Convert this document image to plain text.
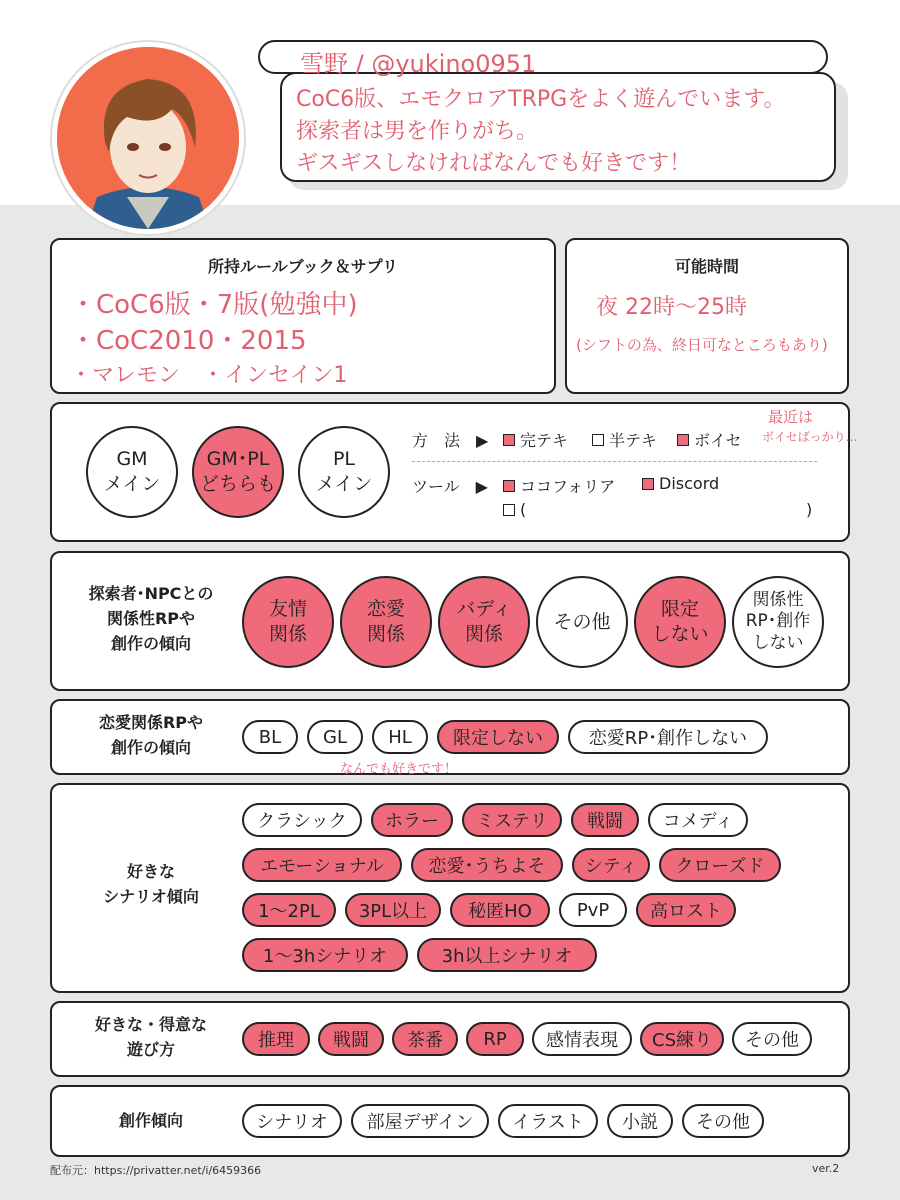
雪野 / @yukino0951
CoC6版、エモクロアTRPGをよく遊んでいます。
探索者は男を作りがち。
ギスギスしなければなんでも好きです！
所持ルールブック＆サプリ
・CoC6版・7版(勉強中)
・CoC2010・2015
・マレモン　・インセイン1
可能時間
夜 22時〜25時
(シフトの為、終日可なところもあり)
GM
メイン
GM･PL
どちらも
PL
メイン
方　法　▶ 完テキ	半テキ ボイセ
ツール　▶ ココフォリア	Discord
(	)
最近は
ボイセばっかり…
探索者･NPCとの
関係性RPや
創作の傾向
友情
関係
恋愛
関係
バディ
関係
その他
限定
しない
関係性
RP･創作
しない
恋愛関係RPや
創作の傾向	BL	GL	HL	限定しない	恋愛RP･創作しない
なんでも好きです！
好きな
シナリオ傾向
クラシック	ホラー	ミステリ	戦闘	コメディ
エモーショナル	恋愛･うちよそ	シティ	クローズド
1〜2PL	3PL以上	秘匿HO	PvP	高ロスト
1〜3hシナリオ	3h以上シナリオ
好きな・得意な
遊び方	推理	戦闘	茶番	RP	感情表現	CS練り	その他
創作傾向	シナリオ	部屋デザイン	イラスト	小説	その他
配布元：https://privatter.net/i/6459366	ver.2
